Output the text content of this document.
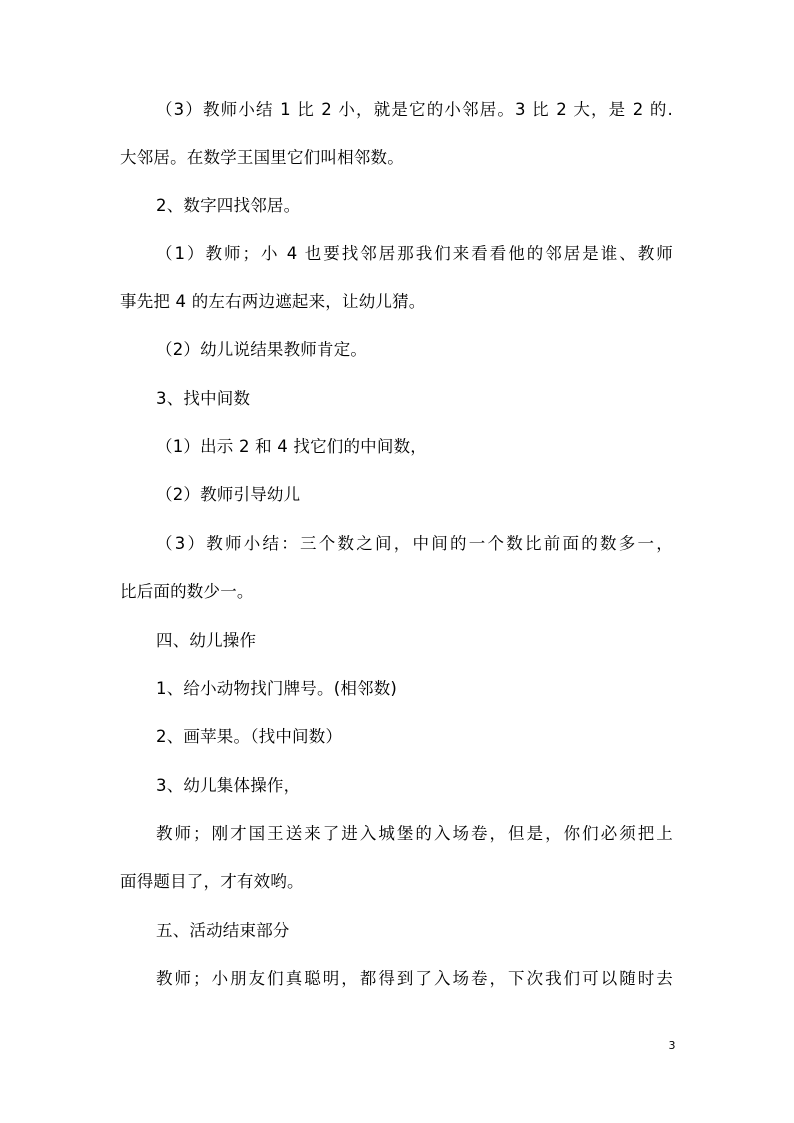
（3）教师小结 1 比 2 小，就是它的小邻居。3 比 2 大，是 2 的.
大邻居。在数学王国里它们叫相邻数。
2、数字四找邻居。
（1）教师；小 4 也要找邻居那我们来看看他的邻居是谁、教师
事先把 4 的左右两边遮起来，让幼儿猜。
（2）幼儿说结果教师肯定。
3、找中间数
（1）出示 2 和 4 找它们的中间数，
（2）教师引导幼儿
（3）教师小结：三个数之间，中间的一个数比前面的数多一，
比后面的数少一。
四、幼儿操作
1、给小动物找门牌号。(相邻数)
2、画苹果。（找中间数）
3、幼儿集体操作，
教师；刚才国王送来了进入城堡的入场卷，但是，你们必须把上
面得题目了，才有效哟。
五、活动结束部分
教师；小朋友们真聪明，都得到了入场卷，下次我们可以随时去
3
